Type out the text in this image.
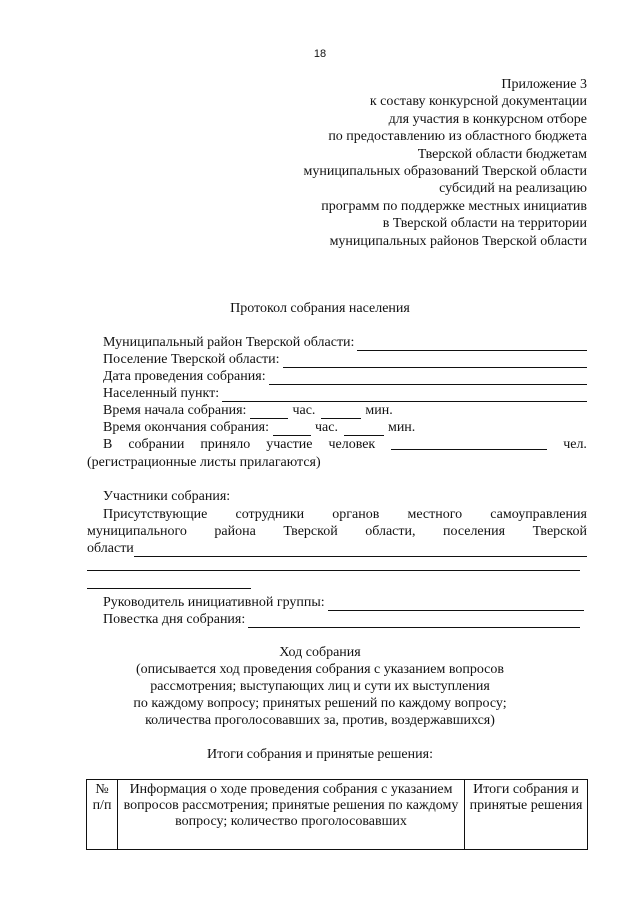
18
Приложение 3
к составу конкурсной документации
для участия в конкурсном отборе
по предоставлению из областного бюджета
Тверской области бюджетам
муниципальных образований Тверской области
субсидий на реализацию
программ по поддержке местных инициатив
в Тверской области на территории
муниципальных районов Тверской области
Протокол собрания населения
Муниципальный район Тверской области:
Поселение Тверской области:
Дата проведения собрания:
Населенный пункт:
Время начала собрания:	час.	мин.
Время окончания собрания:	час.	мин.
В собрании приняло участие человек	чел.
(регистрационные листы прилагаются)
Участники собрания:
Присутствующие сотрудники органов местного самоуправления
муниципального района Тверской области, поселения Тверской
области
Руководитель инициативной группы:
Повестка дня собрания:
Ход собрания
(описывается ход проведения собрания с указанием вопросов
рассмотрения; выступающих лиц и сути их выступления
по каждому вопросу; принятых решений по каждому вопросу;
количества проголосовавших за, против, воздержавшихся)
Итоги собрания и принятые решения:
№ п/п	Информация о ходе проведения собрания с указанием вопросов рассмотрения; принятые решения по каждому вопросу; количество проголосовавших	Итоги собрания и принятые решения
